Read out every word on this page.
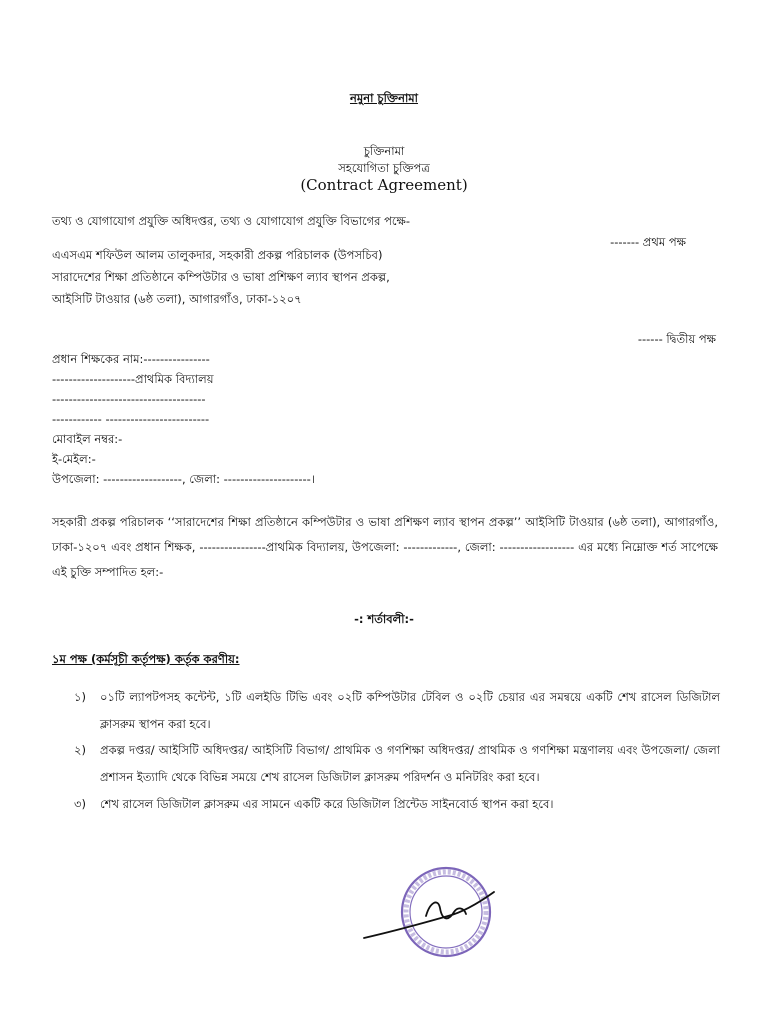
নমুনা চুক্তিনামা
চুক্তিনামা
সহযোগিতা চুক্তিপত্র
(Contract Agreement)
তথ্য ও যোগাযোগ প্রযুক্তি অধিদপ্তর, তথ্য ও যোগাযোগ প্রযুক্তি বিভাগের পক্ষে-
------- প্রথম পক্ষ
এএসএম শফিউল আলম তালুকদার, সহকারী প্রকল্প পরিচালক (উপসচিব)
সারাদেশের শিক্ষা প্রতিষ্ঠানে কম্পিউটার ও ভাষা প্রশিক্ষণ ল্যাব স্থাপন প্রকল্প,
আইসিটি টাওয়ার (৬ষ্ঠ তলা), আগারগাঁও, ঢাকা-১২০৭
------ দ্বিতীয় পক্ষ
প্রধান শিক্ষকের নাম:----------------
--------------------প্রাথমিক বিদ্যালয়
-------------------------------------
------------ -------------------------
মোবাইল নম্বর:-
ই-মেইল:-
উপজেলা: -------------------, জেলা: ---------------------।
সহকারী প্রকল্প পরিচালক ‘‘সারাদেশের শিক্ষা প্রতিষ্ঠানে কম্পিউটার ও ভাষা প্রশিক্ষণ ল্যাব স্থাপন প্রকল্প’’ আইসিটি টাওয়ার (৬ষ্ঠ তলা), আগারগাঁও, ঢাকা-১২০৭ এবং প্রধান শিক্ষক, ----------------প্রাথমিক বিদ্যালয়, উপজেলা: -------------, জেলা: ------------------ এর মধ্যে নিম্নোক্ত শর্ত সাপেক্ষে এই চুক্তি সম্পাদিত হল:-
-: শর্তাবলী:-
১ম পক্ষ (কর্মসূচী কর্তৃপক্ষ) কর্তৃক করণীয়:
১)	০১টি ল্যাপটপসহ কন্টেন্ট, ১টি এলইডি টিভি এবং ০২টি কম্পিউটার টেবিল ও ০২টি চেয়ার এর সমন্বয়ে একটি শেখ রাসেল ডিজিটাল ক্লাসরুম স্থাপন করা হবে।
২)	প্রকল্প দপ্তর/ আইসিটি অধিদপ্তর/ আইসিটি বিভাগ/ প্রাথমিক ও গণশিক্ষা অধিদপ্তর/ প্রাথমিক ও গণশিক্ষা মন্ত্রণালয় এবং উপজেলা/ জেলা প্রশাসন ইত্যাদি থেকে বিভিন্ন সময়ে শেখ রাসেল ডিজিটাল ক্লাসরুম পরিদর্শন ও মনিটরিং করা হবে।
৩)	শেখ রাসেল ডিজিটাল ক্লাসরুম এর সামনে একটি করে ডিজিটাল প্রিন্টেড সাইনবোর্ড স্থাপন করা হবে।
